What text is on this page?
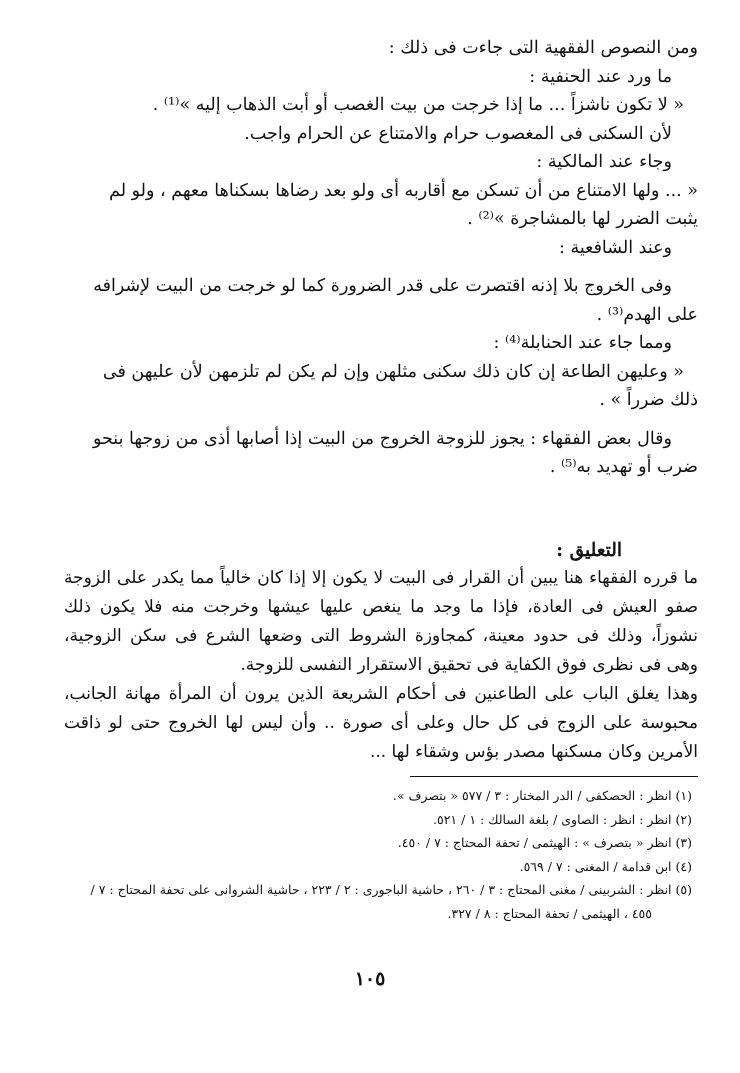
ومن النصوص الفقهية التى جاءت فى ذلك :

ما ورد عند الحنفية :

« لا تكون ناشزاً ... ما إذا خرجت من بيت الغصب أو أبت الذهاب إليه »⁽¹⁾ .

لأن السكنى فى المغصوب حرام والامتناع عن الحرام واجب.

وجاء عند المالكية :

« ... ولها الامتناع من أن تسكن مع أقاربه أى ولو بعد رضاها بسكناها معهم ، ولو لم

يثبت الضرر لها بالمشاجرة »⁽²⁾ .

وعند الشافعية :

وفى الخروج بلا إذنه اقتصرت على قدر الضرورة كما لو خرجت من البيت لإشرافه

على الهدم⁽³⁾ .

ومما جاء عند الحنابلة⁽⁴⁾ :

« وعليهن الطاعة إن كان ذلك سكنى مثلهن وإن لم يكن لم تلزمهن لأن عليهن فى

ذلك ضرراً » .

وقال بعض الفقهاء : يجوز للزوجة الخروج من البيت إذا أصابها أذى من زوجها بنحو

ضرب أو تهديد به⁽⁵⁾ .

التعليق :

ما قرره الفقهاء هنا يبين أن القرار فى البيت لا يكون إلا إذا كان خالياً مما يكدر على الزوجة صفو العيش فى العادة، فإذا ما وجد ما ينغص عليها عيشها وخرجت منه فلا يكون ذلك نشوزاً، وذلك فى حدود معينة، كمجاوزة الشروط التى وضعها الشرع فى سكن الزوجية، وهى فى نظرى فوق الكفاية فى تحقيق الاستقرار النفسى للزوجة.

وهذا يغلق الباب على الطاعنين فى أحكام الشريعة الذين يرون أن المرأة مهانة الجانب، محبوسة على الزوج فى كل حال وعلى أى صورة .. وأن ليس لها الخروج حتى لو ذاقت الأمرين وكان مسكنها مصدر بؤس وشقاء لها ...

(١) انظر : الحصكفى / الدر المختار : ٣ / ٥٧٧ « بتصرف ».

(٢) انظر : انظر : الصاوى / بلغة السالك : ١ / ٥٢١.

(٣) انظر « بتصرف » : الهيثمى / تحفة المحتاج : ٧ / ٤٥٠.

(٤) ابن قدامة / المغنى : ٧ / ٥٦٩.

(٥) انظر : الشربينى / مغنى المحتاج : ٣ / ٢٦٠ ، حاشية الباجورى : ٢ / ٢٢٣ ، حاشية الشروانى على تحفة المحتاج : ٧ /

٤٥٥ ، الهيثمى / تحفة المحتاج : ٨ / ٣٢٧.

١٠٥
